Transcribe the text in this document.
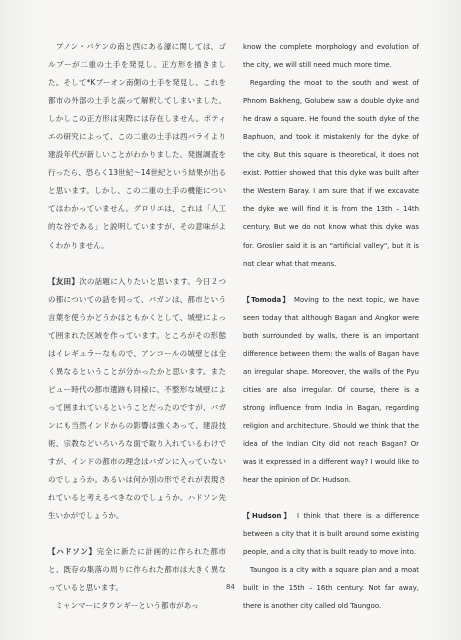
　プノン・バケンの南と西にある濠に関しては、ゴルブーが二重の土手を発見し、正方形を描きました。そして*Kブーオン南側の土手を発見し、これを都市の外部の土手と誤って解釈してしまいました。しかしこの正方形は実際には存在しません。ポティエの研究によって、この二重の土手は西バライより建設年代が新しいことがわかりました。発掘調査を行ったら、恐らく13世紀～14世紀という結果が出ると思います。しかし、この二重の土手の機能についてはわかっていません。グロリエは、これは「人工的な谷である」と説明していますが、その意味がよくわかりません。

【友田】次の話題に入りたいと思います。今日２つの都についての話を伺って、バガンは、都市という言葉を使うかどうかはともかくとして、城壁によって囲まれた区域を作っています。ところがその形態はイレギュラーなもので、アンコールの城壁とは全く異なるということが分かったかと思います。またピュー時代の都市遺跡も同様に、不整形な城壁によって囲まれているということだったのですが、バガンにも当然インドからの影響は強くあって、建設技術、宗教などいろいろな面で取り入れているわけですが、インドの都市の理念はバガンに入っていないのでしょうか。あるいは何か別の形でそれが表現されていると考えるべきなのでしょうか。ハドソン先生いかがでしょうか。

【ハドソン】完全に新たに計画的に作られた都市と、既存の集落の周りに作られた都市は大きく異なっていると思います。

　ミャンマーにタウンギーという都市があっ

know the complete morphology and evolution of the city, we will still need much more time.

Regarding the moat to the south and west of Phnom Bakheng, Golubew saw a double dyke and he draw a square. He found the south dyke of the Baphuon, and took it mistakenly for the dyke of the city. But this square is theoretical, it does not exist. Pottier showed that this dyke was built after the Western Baray. I am sure that if we excavate the dyke we will find it is from the 13th – 14th century. But we do not know what this dyke was for. Groslier said it is an "artificial valley", but it is not clear what that means.

【Tomoda】 Moving to the next topic, we have seen today that although Bagan and Angkor were both surrounded by walls, there is an important difference between them: the walls of Bagan have an irregular shape. Moreover, the walls of the Pyu cities are also irregular. Of course, there is a strong influence from India in Bagan, regarding religion and architecture. Should we think that the idea of the Indian City did not reach Bagan? Or was it expressed in a different way? I would like to hear the opinion of Dr. Hudson.

【Hudson】 I think that there is a difference between a city that it is built around some existing people, and a city that is built ready to move into.

Taungoo is a city with a square plan and a moat built in the 15th – 16th century. Not far away, there is another city called old Taungoo.

84
